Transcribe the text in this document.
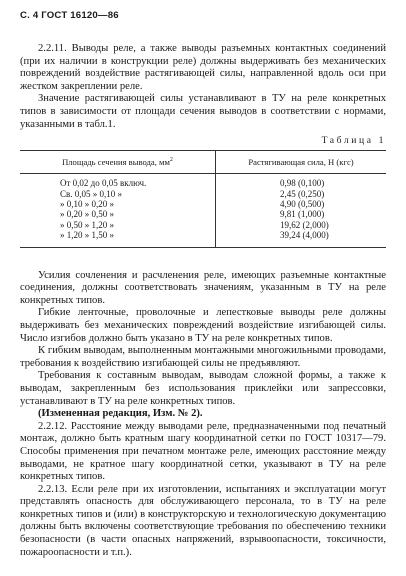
С. 4 ГОСТ 16120—86

2.2.11. Выводы реле, а также выводы разъемных контактных соединений (при их наличии в конструкции реле) должны выдерживать без механических повреждений воздействие растягивающей силы, направленной вдоль оси при жестком закреплении реле.

Значение растягивающей силы устанавливают в ТУ на реле конкретных типов в зависимости от площади сечения выводов в соответствии с нормами, указанными в табл.1.

Таблица 1
Площадь сечения вывода, $мм^2$	Растягивающая сила, Н (кгс)
От 0,02 до 0,05 включ.	0,98 (0,100)
Св. 0,05 » 0,10 »	2,45 (0,250)
» 0,10 » 0,20 »	4,90 (0,500)
» 0,20 » 0,50 »	9,81 (1,000)
» 0,50 » 1,20 »	19,62 (2,000)
» 1,20 » 1,50 »	39,24 (4,000)

Усилия сочленения и расчленения реле, имеющих разъемные контактные соединения, должны соответствовать значениям, указанным в ТУ на реле конкретных типов.

Гибкие ленточные, проволочные и лепестковые выводы реле должны выдерживать без механических повреждений воздействие изгибающей силы. Число изгибов должно быть указано в ТУ на реле конкретных типов.

К гибким выводам, выполненным монтажными многожильными проводами, требования к воздействию изгибающей силы не предъявляют.

Требования к составным выводам, выводам сложной формы, а также к выводам, закрепленным без использования приклейки или запрессовки, устанавливают в ТУ на реле конкретных типов.

(Измененная редакция, Изм. № 2).

2.2.12. Расстояние между выводами реле, предназначенными под печатный монтаж, должно быть кратным шагу координатной сетки по ГОСТ 10317—79. Способы применения при печатном монтаже реле, имеющих расстояние между выводами, не кратное шагу координатной сетки, указывают в ТУ на реле конкретных типов.

2.2.13. Если реле при их изготовлении, испытаниях и эксплуатации могут представлять опасность для обслуживающего персонала, то в ТУ на реле конкретных типов и (или) в конструкторскую и технологическую документацию должны быть включены соответствующие требования по обеспечению техники безопасности (в части опасных напряжений, взрывоопасности, токсичности, пожароопасности и т.п.).
